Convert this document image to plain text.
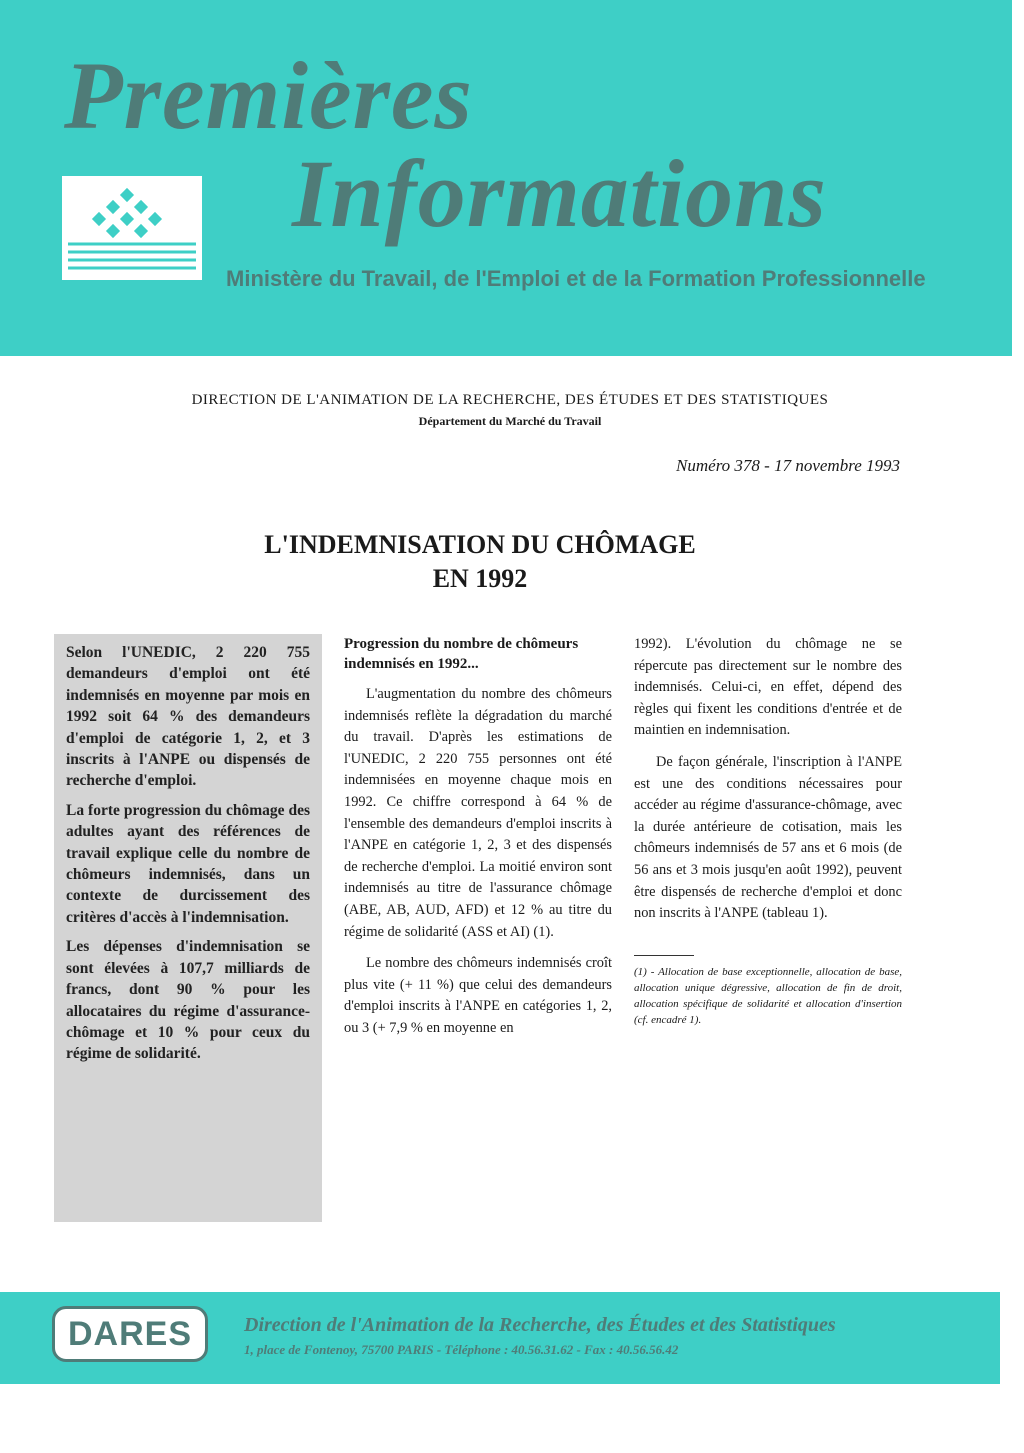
Premières
Informations
Ministère du Travail, de l'Emploi et de la Formation Professionnelle
DIRECTION DE L'ANIMATION DE LA RECHERCHE, DES ÉTUDES ET DES STATISTIQUES
Département du Marché du Travail
Numéro 378 - 17 novembre 1993
L'INDEMNISATION DU CHÔMAGE
EN 1992

Selon l'UNEDIC, 2 220 755 demandeurs d'emploi ont été indemnisés en moyenne par mois en 1992 soit 64 % des demandeurs d'emploi de catégorie 1, 2, et 3 inscrits à l'ANPE ou dispensés de recherche d'emploi.

La forte progression du chômage des adultes ayant des références de travail explique celle du nombre de chômeurs indemnisés, dans un contexte de durcissement des critères d'accès à l'indemnisation.

Les dépenses d'indemnisation se sont élevées à 107,7 milliards de francs, dont 90 % pour les allocataires du régime d'assurance-chômage et 10 % pour ceux du régime de solidarité.

Progression du nombre de chômeurs indemnisés en 1992...

L'augmentation du nombre des chômeurs indemnisés reflète la dégradation du marché du travail. D'après les estimations de l'UNEDIC, 2 220 755 personnes ont été indemnisées en moyenne chaque mois en 1992. Ce chiffre correspond à 64 % de l'ensemble des demandeurs d'emploi inscrits à l'ANPE en catégorie 1, 2, 3 et des dispensés de recherche d'emploi. La moitié environ sont indemnisés au titre de l'assurance chômage (ABE, AB, AUD, AFD) et 12 % au titre du régime de solidarité (ASS et AI) (1).

Le nombre des chômeurs indemnisés croît plus vite (+ 11 %) que celui des demandeurs d'emploi inscrits à l'ANPE en catégories 1, 2, ou 3 (+ 7,9 % en moyenne en

1992). L'évolution du chômage ne se répercute pas directement sur le nombre des indemnisés. Celui-ci, en effet, dépend des règles qui fixent les conditions d'entrée et de maintien en indemnisation.

De façon générale, l'inscription à l'ANPE est une des conditions nécessaires pour accéder au régime d'assurance-chômage, avec la durée antérieure de cotisation, mais les chômeurs indemnisés de 57 ans et 6 mois (de 56 ans et 3 mois jusqu'en août 1992), peuvent être dispensés de recherche d'emploi et donc non inscrits à l'ANPE (tableau 1).

(1) - Allocation de base exceptionnelle, allocation de base, allocation unique dégressive, allocation de fin de droit, allocation spécifique de solidarité et allocation d'insertion (cf. encadré 1).

DARES	Direction de l'Animation de la Recherche, des Études et des Statistiques
1, place de Fontenoy, 75700 PARIS - Téléphone : 40.56.31.62 - Fax : 40.56.56.42
